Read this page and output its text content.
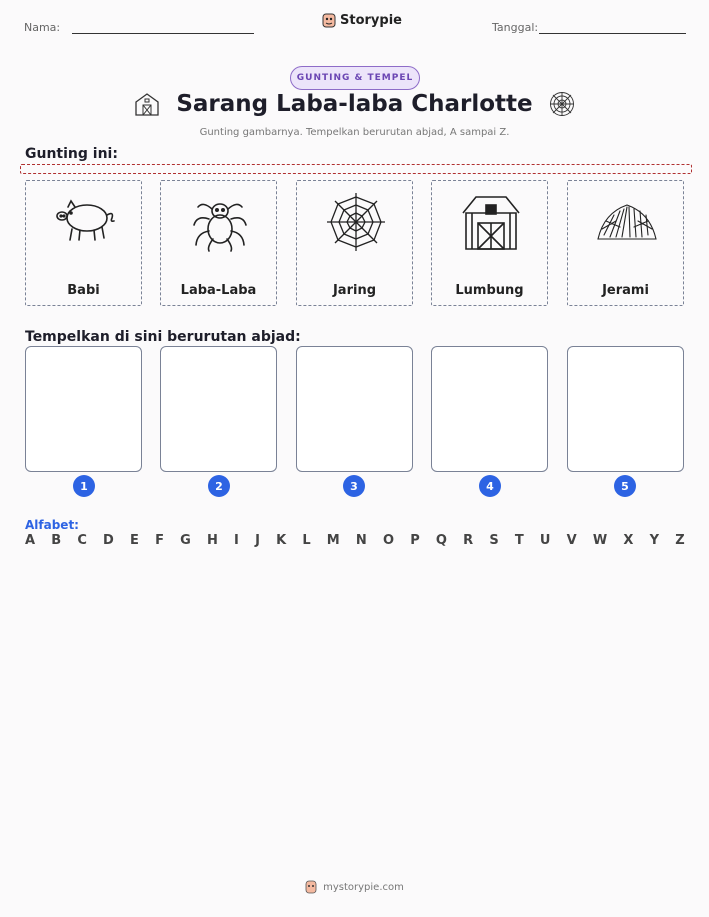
Nama:	Storypie	Tanggal:
GUNTING & TEMPEL
Sarang Laba-laba Charlotte
Gunting gambarnya. Tempelkan berurutan abjad, A sampai Z.
Gunting ini:
Babi	Laba-Laba	Jaring	Lumbung	Jerami
Tempelkan di sini berurutan abjad:
1	2	3	4	5
Alfabet:
A B C D E F G H I J K L M N O P Q R S T U V W X Y Z
mystorypie.com
